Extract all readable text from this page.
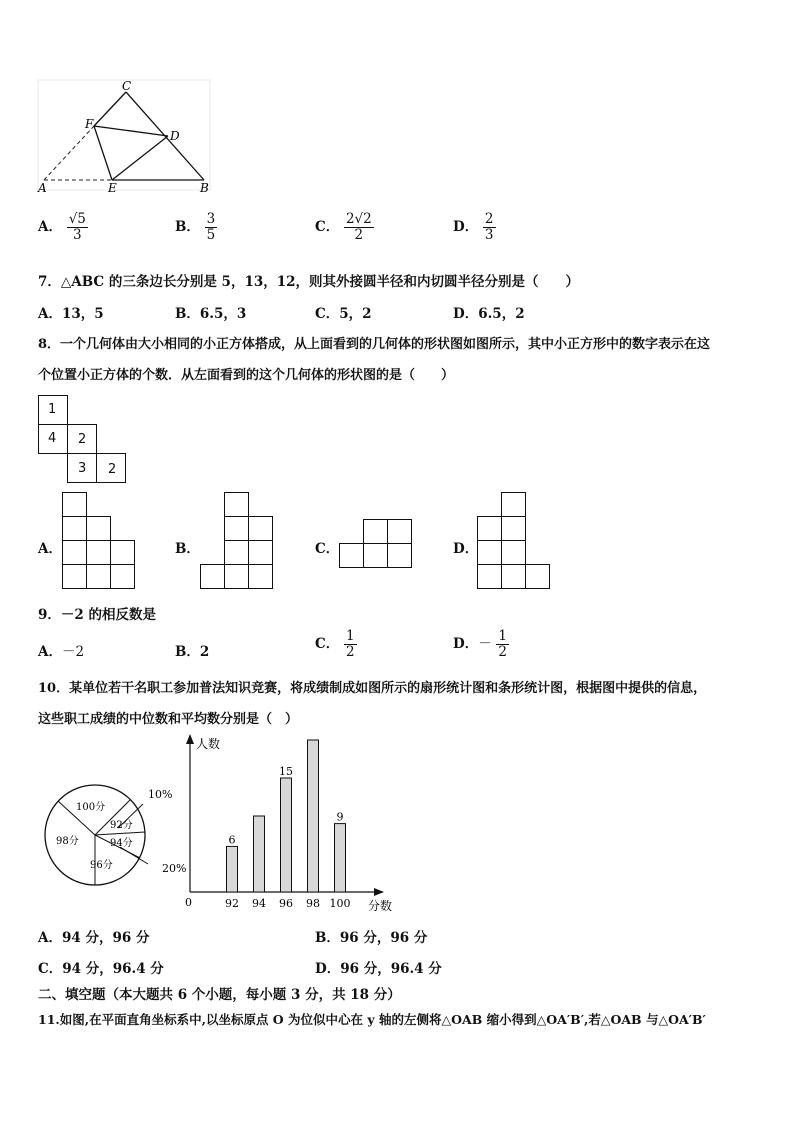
C
F
D
A	E	B
A． $\frac{√5}{3}$	B． $\frac{3}{5}$	C． $\frac{2√2}{2}$	D． $\frac{2}{3}$
7．△ABC 的三条边长分别是 5，13，12，则其外接圆半径和内切圆半径分别是（　　）
A．13，5	B．6.5，3	C．5，2	D．6.5，2
8．一个几何体由大小相同的小正方体搭成，从上面看到的几何体的形状图如图所示，其中小正方形中的数字表示在这
个位置小正方体的个数．从左面看到的这个几何体的形状图的是（　　）
1
4 2
3 2
A．	B．	C．	D．
9．－2 的相反数是
A．－2	B．2
C． $\frac{1}{2}$	D．－ $\frac{1}{2}$
10．某单位若干名职工参加普法知识竞赛，将成绩制成如图所示的扇形统计图和条形统计图，根据图中提供的信息，
这些职工成绩的中位数和平均数分别是（　）
100分
92分
94分
96分
98分
10%
20%
人数
分数
0	92
6
94 96
15
98 100
9
A．94 分，96 分	B．96 分，96 分
C．94 分，96.4 分	D．96 分，96.4 分
二、填空题（本大题共 6 个小题，每小题 3 分，共 18 分）
11.如图,在平面直角坐标系中,以坐标原点 O 为位似中心在 y 轴的左侧将△OAB 缩小得到△OA′B′,若△OAB 与△OA′B′
